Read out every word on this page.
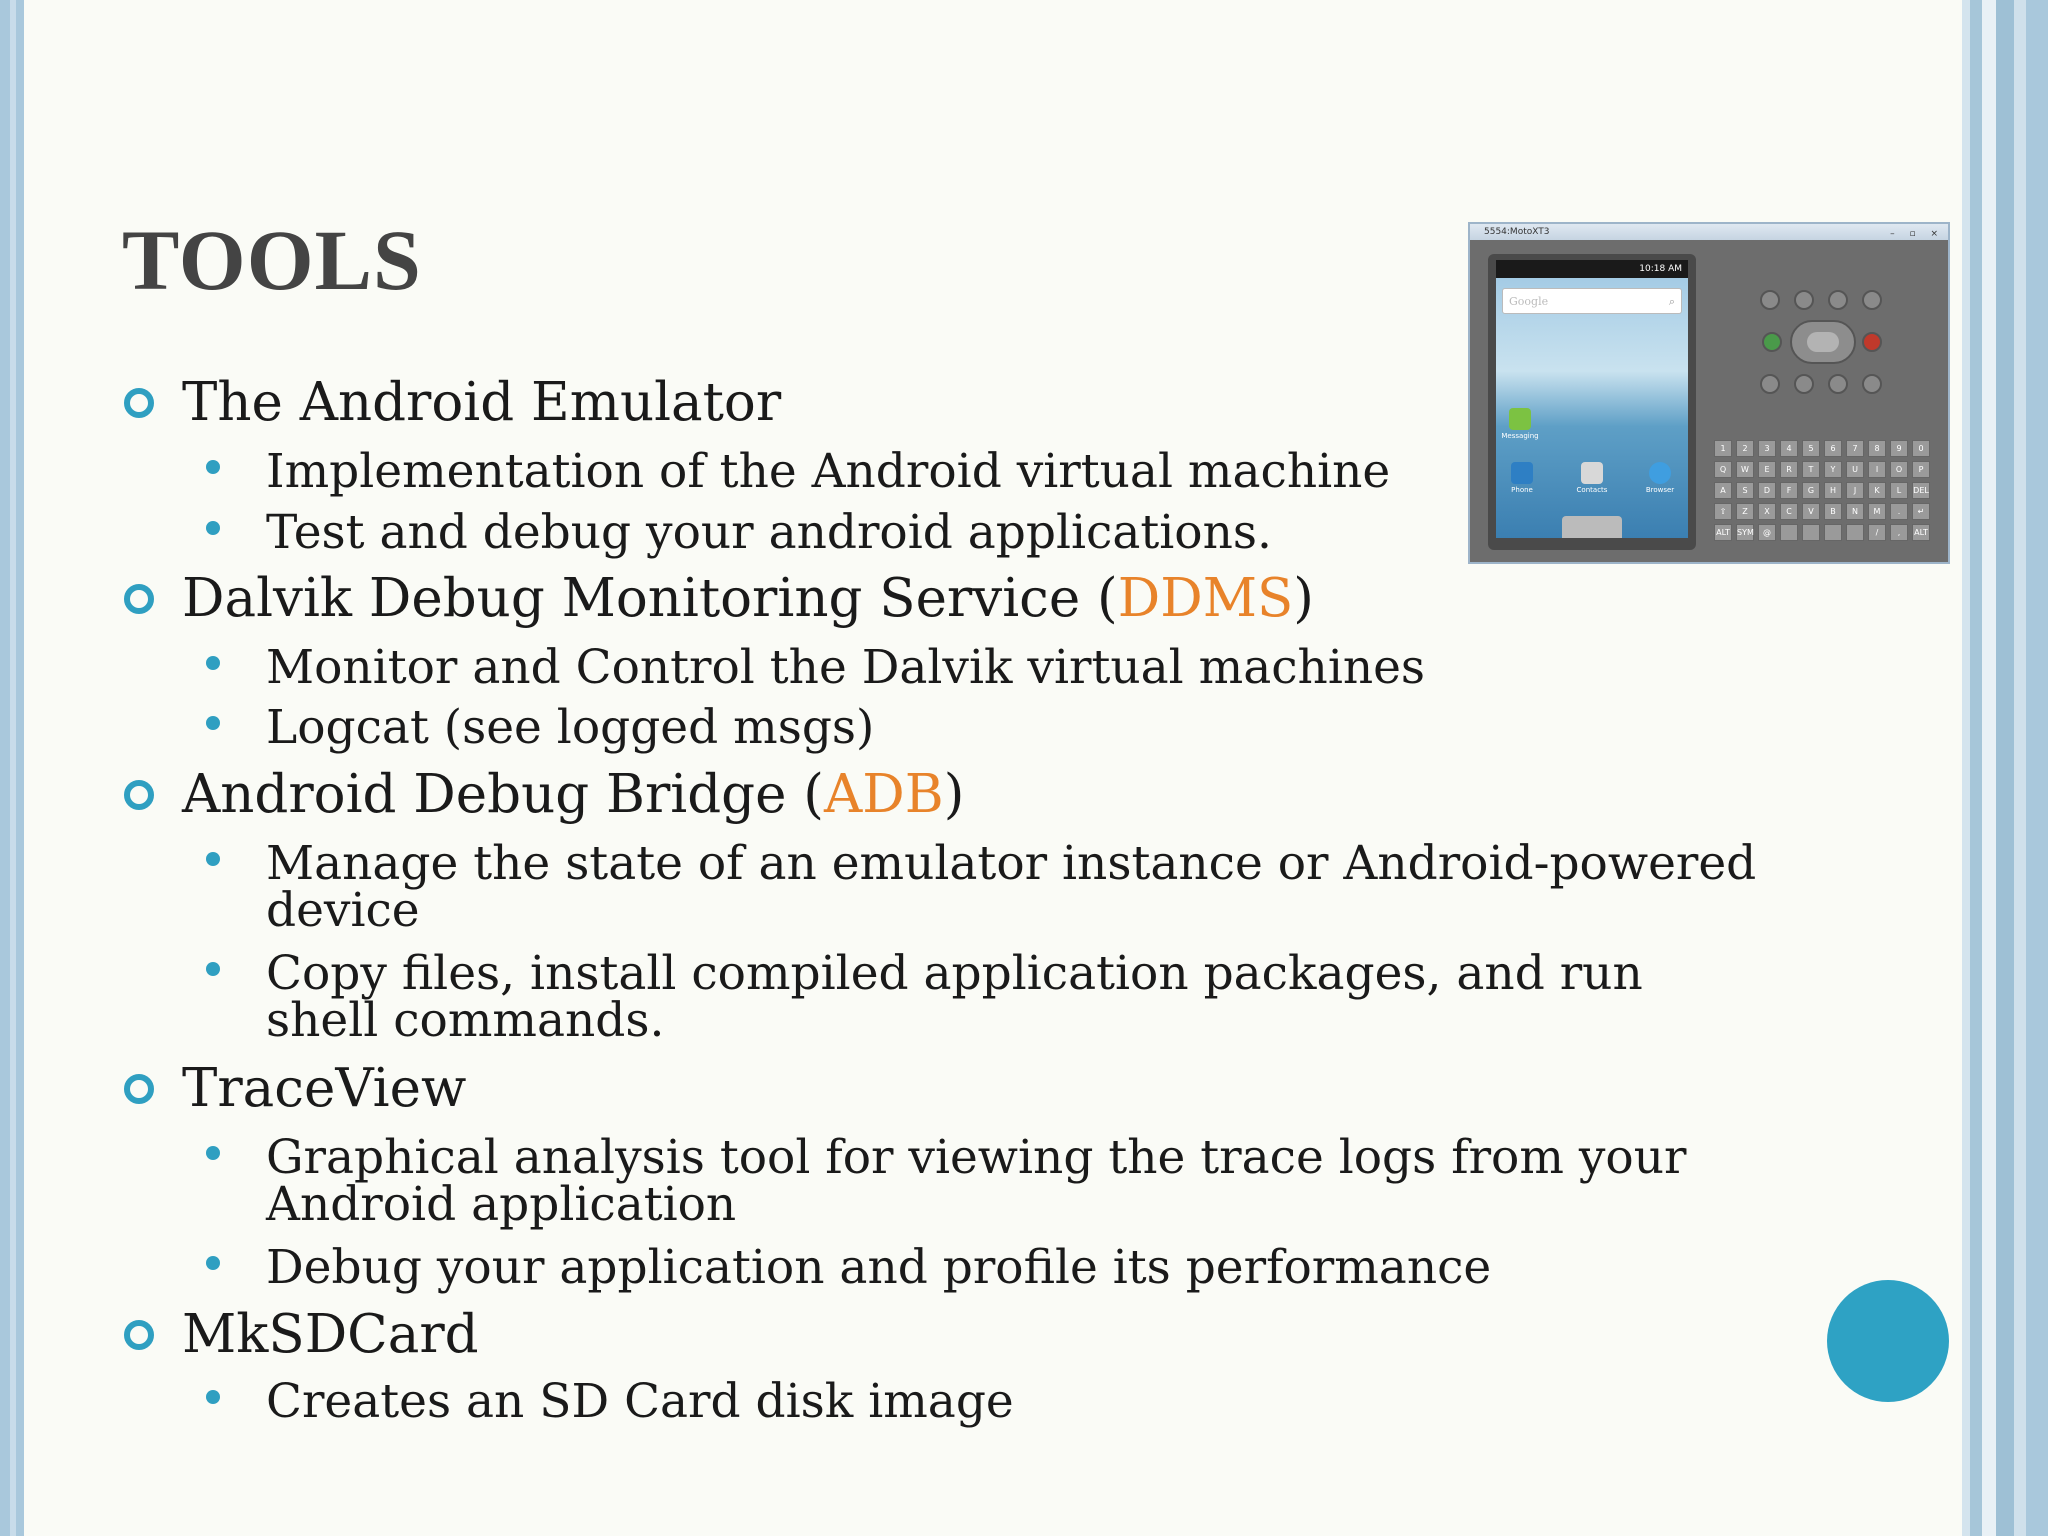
TOOLS
The Android Emulator
Implementation of the Android virtual machine
Test and debug your android applications.
Dalvik Debug Monitoring Service (DDMS)
Monitor and Control the Dalvik virtual machines
Logcat (see logged msgs)
Android Debug Bridge (ADB)
Manage the state of an emulator instance or Android-powered
device
Copy files, install compiled application packages, and run
shell commands.
TraceView
Graphical analysis tool for viewing the trace logs from your
Android application
Debug your application and profile its performance
MkSDCard
Creates an SD Card disk image
5554:MotoXT3	– ▫ ×
10:18 AM
Google	⌕
Messaging
Phone	Contacts	Browser
1	2	3	4	5	6	7	8	9	0
Q	W	E	R	T	Y	U	I	O	P
A	S	D	F	G	H	J	K	L	DEL
⇧	Z	X	C	V	B	N	M	.	↵
ALT SYM	@	/	,	ALT
